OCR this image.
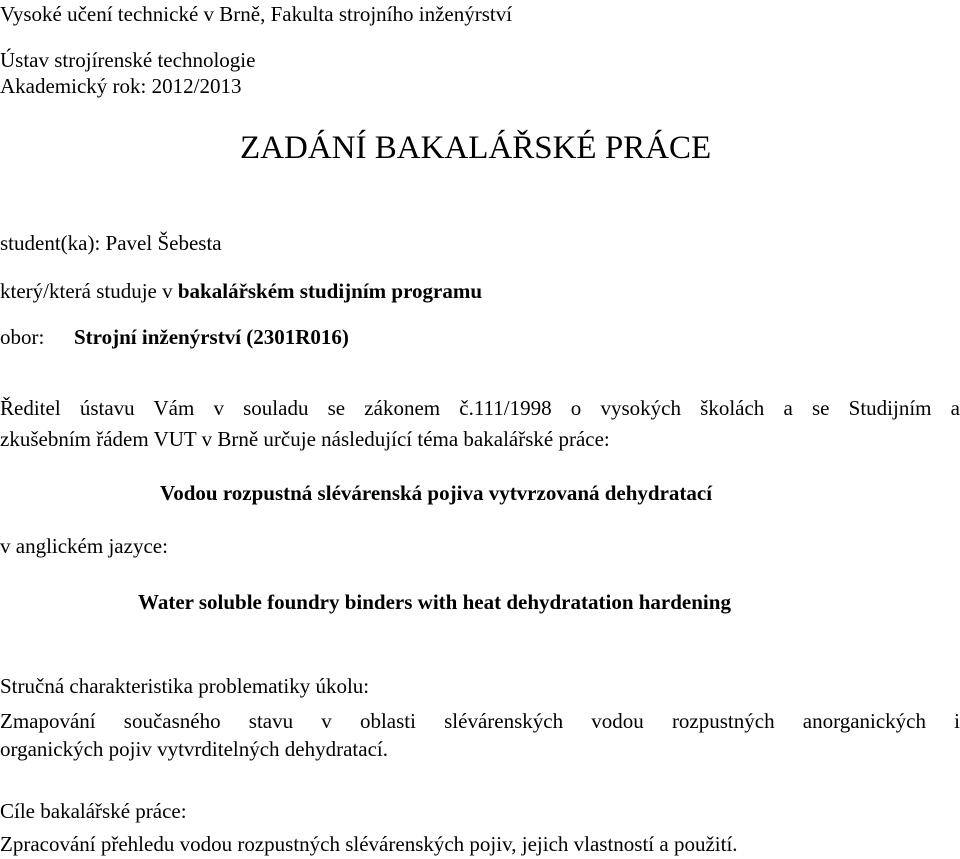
Vysoké učení technické v Brně, Fakulta strojního inženýrství
Ústav strojírenské technologie
Akademický rok: 2012/2013
ZADÁNÍ BAKALÁŘSKÉ PRÁCE
student(ka): Pavel Šebesta
který/která studuje v bakalářském studijním programu
obor: Strojní inženýrství (2301R016)
Ředitel ústavu Vám v souladu se zákonem č.111/1998 o vysokých školách a se Studijním a
zkušebním řádem VUT v Brně určuje následující téma bakalářské práce:
Vodou rozpustná slévárenská pojiva vytvrzovaná dehydratací
v anglickém jazyce:
Water soluble foundry binders with heat dehydratation hardening
Stručná charakteristika problematiky úkolu:
Zmapování současného stavu v oblasti slévárenských vodou rozpustných anorganických i
organických pojiv vytvrditelných dehydratací.
Cíle bakalářské práce:
Zpracování přehledu vodou rozpustných slévárenských pojiv, jejich vlastností a použití.
